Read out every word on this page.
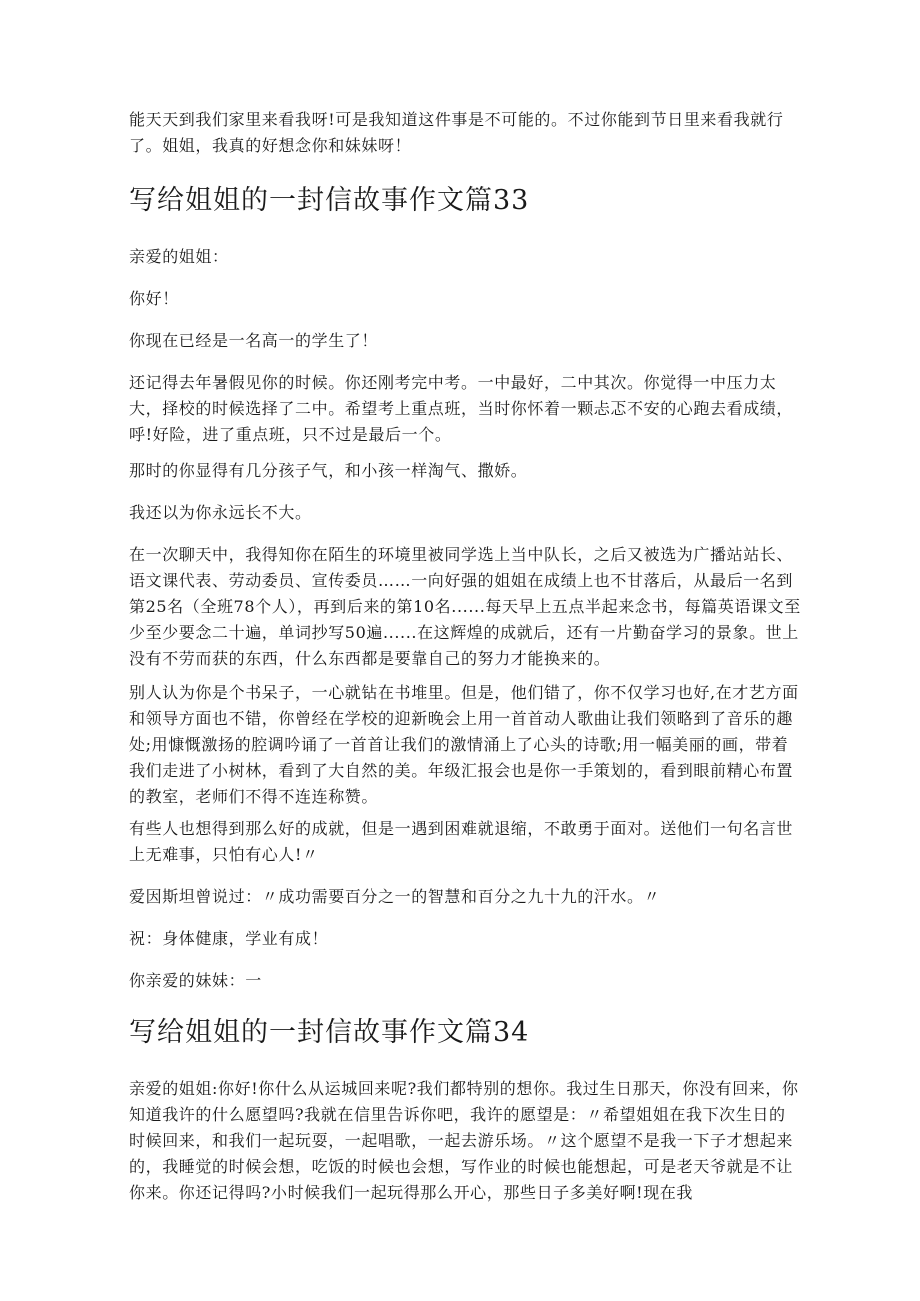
能天天到我们家里来看我呀!可是我知道这件事是不可能的。不过你能到节日里来看我就行了。姐姐，我真的好想念你和妹妹呀！

写给姐姐的一封信故事作文篇33

亲爱的姐姐：

你好！

你现在已经是一名高一的学生了！

还记得去年暑假见你的时候。你还刚考完中考。一中最好，二中其次。你觉得一中压力太大，择校的时候选择了二中。希望考上重点班，当时你怀着一颗忐忑不安的心跑去看成绩，呼!好险，进了重点班，只不过是最后一个。

那时的你显得有几分孩子气，和小孩一样淘气、撒娇。

我还以为你永远长不大。

在一次聊天中，我得知你在陌生的环境里被同学选上当中队长，之后又被选为广播站站长、语文课代表、劳动委员、宣传委员……一向好强的姐姐在成绩上也不甘落后，从最后一名到第25名（全班78个人），再到后来的第10名......每天早上五点半起来念书，每篇英语课文至少至少要念二十遍，单词抄写50遍......在这辉煌的成就后，还有一片勤奋学习的景象。世上没有不劳而获的东西，什么东西都是要靠自己的努力才能换来的。

别人认为你是个书呆子，一心就钻在书堆里。但是，他们错了，你不仅学习也好,在才艺方面和领导方面也不错，你曾经在学校的迎新晚会上用一首首动人歌曲让我们领略到了音乐的趣处;用慷慨激扬的腔调吟诵了一首首让我们的激情涌上了心头的诗歌;用一幅美丽的画，带着我们走进了小树林，看到了大自然的美。年级汇报会也是你一手策划的，看到眼前精心布置的教室，老师们不得不连连称赞。

有些人也想得到那么好的成就，但是一遇到困难就退缩，不敢勇于面对。送他们一句名言世上无难事，只怕有心人!〃

爱因斯坦曾说过：〃成功需要百分之一的智慧和百分之九十九的汗水。〃

祝：身体健康，学业有成！

你亲爱的妹妹：一

写给姐姐的一封信故事作文篇34

亲爱的姐姐:你好!你什么从运城回来呢?我们都特别的想你。我过生日那天，你没有回来，你知道我许的什么愿望吗?我就在信里告诉你吧，我许的愿望是：〃希望姐姐在我下次生日的时候回来，和我们一起玩耍，一起唱歌，一起去游乐场。〃这个愿望不是我一下子才想起来的，我睡觉的时候会想，吃饭的时候也会想，写作业的时候也能想起，可是老天爷就是不让你来。你还记得吗?小时候我们一起玩得那么开心，那些日子多美好啊!现在我
